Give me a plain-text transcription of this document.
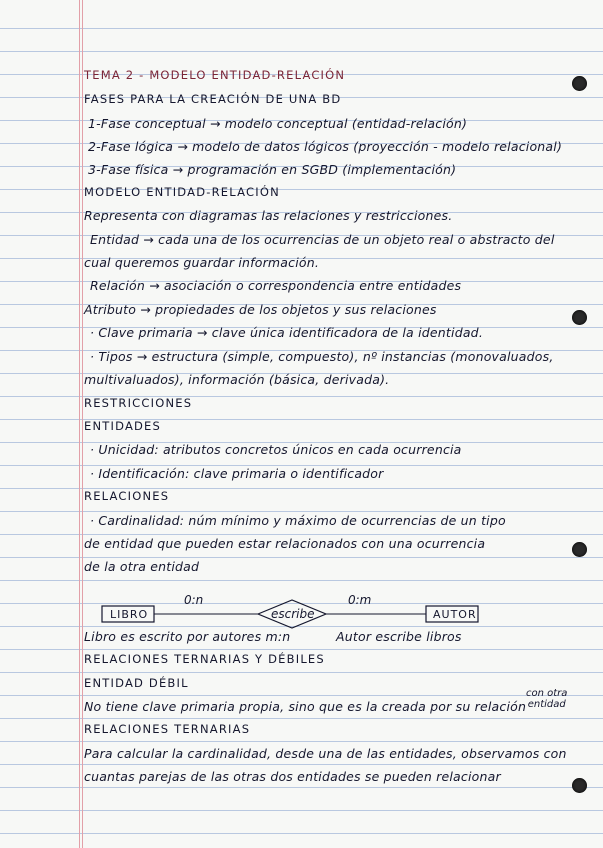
TEMA 2 - MODELO ENTIDAD-RELACIÓN
FASES PARA LA CREACIÓN DE UNA BD
1-Fase conceptual → modelo conceptual (entidad-relación)
2-Fase lógica → modelo de datos lógicos (proyección - modelo relacional)
3-Fase física → programación en SGBD (implementación)
MODELO ENTIDAD-RELACIÓN
Representa con diagramas las relaciones y restricciones.
Entidad → cada una de los ocurrencias de un objeto real o abstracto del
cual queremos guardar información.
Relación → asociación o correspondencia entre entidades
Atributo → propiedades de los objetos y sus relaciones
· Clave primaria → clave única identificadora de la identidad.
· Tipos → estructura (simple, compuesto), nº instancias (monovaluados,
multivaluados), información (básica, derivada).
RESTRICCIONES
ENTIDADES
· Unicidad: atributos concretos únicos en cada ocurrencia
· Identificación: clave primaria o identificador
RELACIONES
· Cardinalidad: núm mínimo y máximo de ocurrencias de un tipo
de entidad que pueden estar relacionados con una ocurrencia
de la otra entidad
0:n	0:m
LIBRO	escribe	AUTOR
Libro es escrito por autores m:n	Autor escribe libros
RELACIONES TERNARIAS Y DÉBILES
ENTIDAD DÉBIL
No tiene clave primaria propia, sino que es la creada por su relación
con otra
entidad
RELACIONES TERNARIAS
Para calcular la cardinalidad, desde una de las entidades, observamos con
cuantas parejas de las otras dos entidades se pueden relacionar
